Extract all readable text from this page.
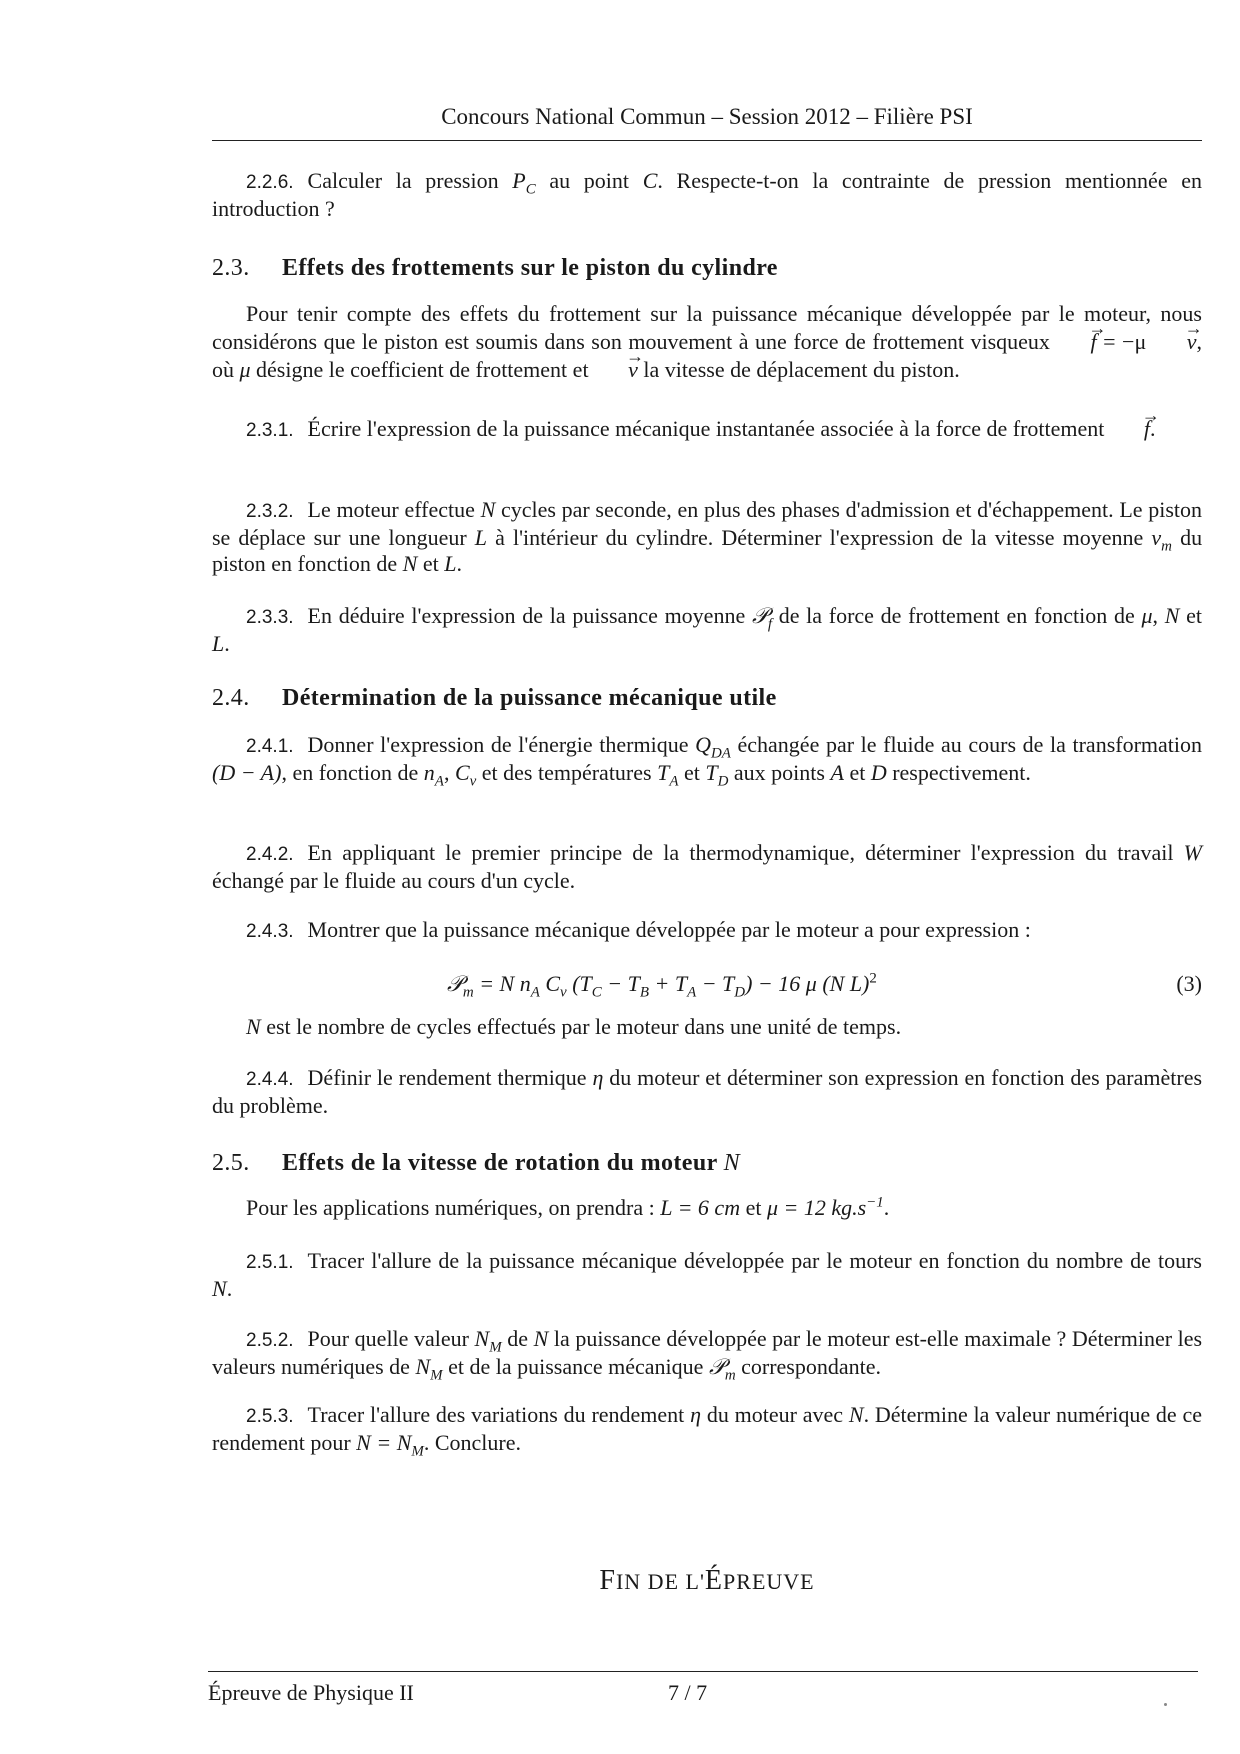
Concours National Commun – Session 2012 – Filière PSI

2.2.6. Calculer la pression $P_C$ au point C. Respecte-t-on la contrainte de pression mentionnée en introduction ?

2.3. Effets des frottements sur le piston du cylindre

Pour tenir compte des effets du frottement sur la puissance mécanique développée par le moteur, nous considérons que le piston est soumis dans son mouvement à une force de frottement visqueux → f = −μ → v, où μ désigne le coefficient de frottement et → v la vitesse de déplacement du piston.

2.3.1. Écrire l'expression de la puissance mécanique instantanée associée à la force de frottement → f.

2.3.2. Le moteur effectue N cycles par seconde, en plus des phases d'admission et d'échappement. Le piston se déplace sur une longueur L à l'intérieur du cylindre. Déterminer l'expression de la vitesse moyenne $v_m$ du piston en fonction de N et L.

2.3.3. En déduire l'expression de la puissance moyenne 𝒫$_f$ de la force de frottement en fonction de μ, N et L.

2.4. Détermination de la puissance mécanique utile

2.4.1. Donner l'expression de l'énergie thermique $Q_{DA}$ échangée par le fluide au cours de la transformation (D − A), en fonction de $n_A$, $C_v$ et des températures $T_A$ et $T_D$ aux points A et D respectivement.

2.4.2. En appliquant le premier principe de la thermodynamique, déterminer l'expression du travail W échangé par le fluide au cours d'un cycle.

2.4.3. Montrer que la puissance mécanique développée par le moteur a pour expression :

𝒫$_m$ = N $n_A$ $C_v$ $(T_C - T_B + T_A - T_D) - 16$ μ (N L)$^2$	(3)

N est le nombre de cycles effectués par le moteur dans une unité de temps.

2.4.4. Définir le rendement thermique η du moteur et déterminer son expression en fonction des paramètres du problème.

2.5. Effets de la vitesse de rotation du moteur N

Pour les applications numériques, on prendra : L = 6 cm et μ = 12 $kg.s^{-1}$.

2.5.1. Tracer l'allure de la puissance mécanique développée par le moteur en fonction du nombre de tours N.

2.5.2. Pour quelle valeur $N_M$ de N la puissance développée par le moteur est-elle maximale ? Déterminer les valeurs numériques de $N_M$ et de la puissance mécanique 𝒫$_m$ correspondante.

2.5.3. Tracer l'allure des variations du rendement η du moteur avec N. Détermine la valeur numérique de ce rendement pour $N = N_M$. Conclure.

FIN DE L'ÉPREUVE
Épreuve de Physique II	7 / 7
